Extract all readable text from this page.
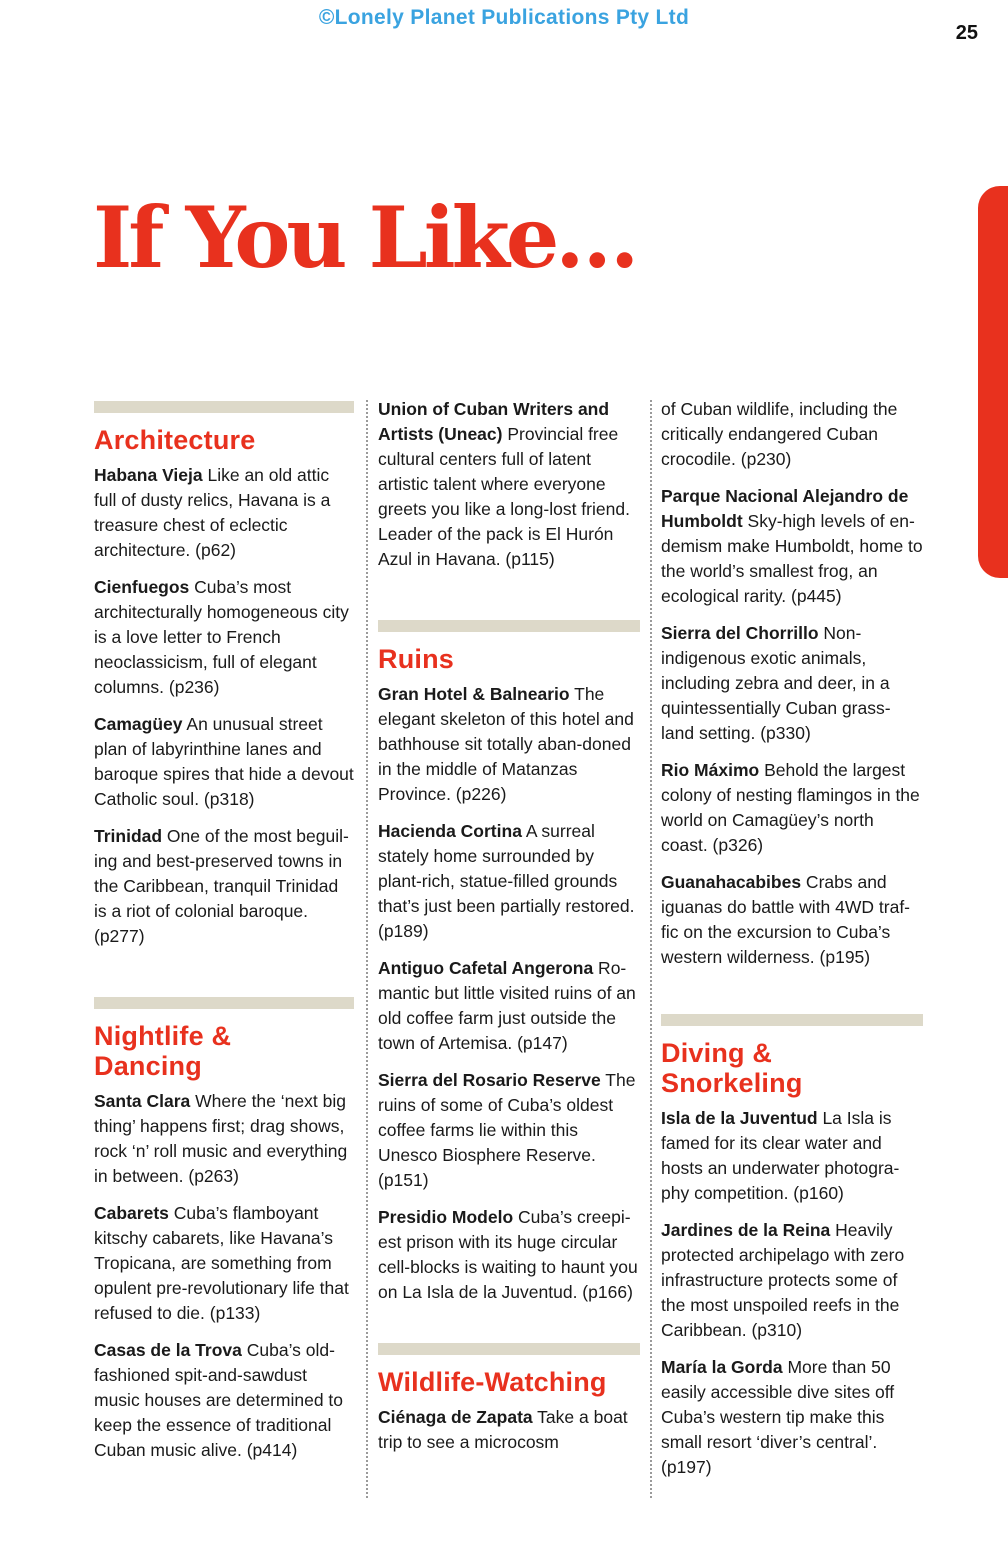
©Lonely Planet Publications Pty Ltd
25
If You Like…
Architecture

Habana Vieja Like an old attic full of dusty relics, Havana is a treasure chest of eclectic architecture. (p62)

Cienfuegos Cuba’s most architecturally homogeneous city is a love letter to French neoclassicism, full of elegant columns. (p236)

Camagüey An unusual street plan of labyrinthine lanes and baroque spires that hide a devout Catholic soul. (p318)

Trinidad One of the most beguil-ing and best-preserved towns in the Caribbean, tranquil Trinidad is a riot of colonial baroque. (p277)

Nightlife & Dancing

Santa Clara Where the ‘next big thing’ happens first; drag shows, rock ‘n’ roll music and everything in between. (p263)

Cabarets Cuba’s flamboyant kitschy cabarets, like Havana’s Tropicana, are something from opulent pre-revolutionary life that refused to die. (p133)

Casas de la Trova Cuba’s old-fashioned spit-and-sawdust music houses are determined to keep the essence of traditional Cuban music alive. (p414)

Union of Cuban Writers and Artists (Uneac) Provincial free cultural centers full of latent artistic talent where everyone greets you like a long-lost friend. Leader of the pack is El Hurón Azul in Havana. (p115)

Ruins

Gran Hotel & Balneario The elegant skeleton of this hotel and bathhouse sit totally aban-doned in the middle of Matanzas Province. (p226)

Hacienda Cortina A surreal stately home surrounded by plant-rich, statue-filled grounds that’s just been partially restored. (p189)

Antiguo Cafetal Angerona Ro-mantic but little visited ruins of an old coffee farm just outside the town of Artemisa. (p147)

Sierra del Rosario Reserve The ruins of some of Cuba’s oldest coffee farms lie within this Unesco Biosphere Reserve. (p151)

Presidio Modelo Cuba’s creepi-est prison with its huge circular cell-blocks is waiting to haunt you on La Isla de la Juventud. (p166)

Wildlife-Watching

Ciénaga de Zapata Take a boat trip to see a microcosm

of Cuban wildlife, including the critically endangered Cuban crocodile. (p230)

Parque Nacional Alejandro de Humboldt Sky-high levels of en-demism make Humboldt, home to the world’s smallest frog, an ecological rarity. (p445)

Sierra del Chorrillo Non-indigenous exotic animals, including zebra and deer, in a quintessentially Cuban grass-land setting. (p330)

Rio Máximo Behold the largest colony of nesting flamingos in the world on Camagüey’s north coast. (p326)

Guanahacabibes Crabs and iguanas do battle with 4WD traf-fic on the excursion to Cuba’s western wilderness. (p195)

Diving & Snorkeling

Isla de la Juventud La Isla is famed for its clear water and hosts an underwater photogra-phy competition. (p160)

Jardines de la Reina Heavily protected archipelago with zero infrastructure protects some of the most unspoiled reefs in the Caribbean. (p310)

María la Gorda More than 50 easily accessible dive sites off Cuba’s western tip make this small resort ‘diver’s central’. (p197)
